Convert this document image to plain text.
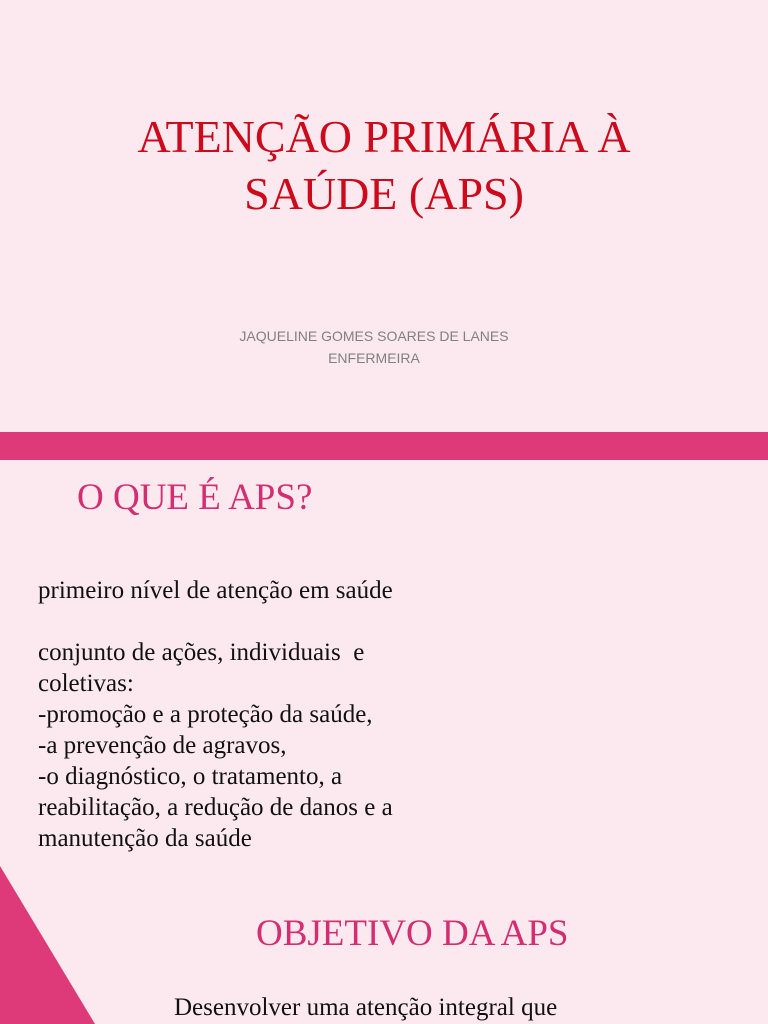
ATENÇÃO PRIMÁRIA À
SAÚDE (APS)
JAQUELINE GOMES SOARES DE LANES
ENFERMEIRA
O QUE É APS?
primeiro nível de atenção em saúde
conjunto de ações, individuais  e
coletivas:
-promoção e a proteção da saúde,
-a prevenção de agravos,
-o diagnóstico, o tratamento, a
reabilitação, a redução de danos e a
manutenção da saúde
OBJETIVO DA APS
Desenvolver uma atenção integral que
